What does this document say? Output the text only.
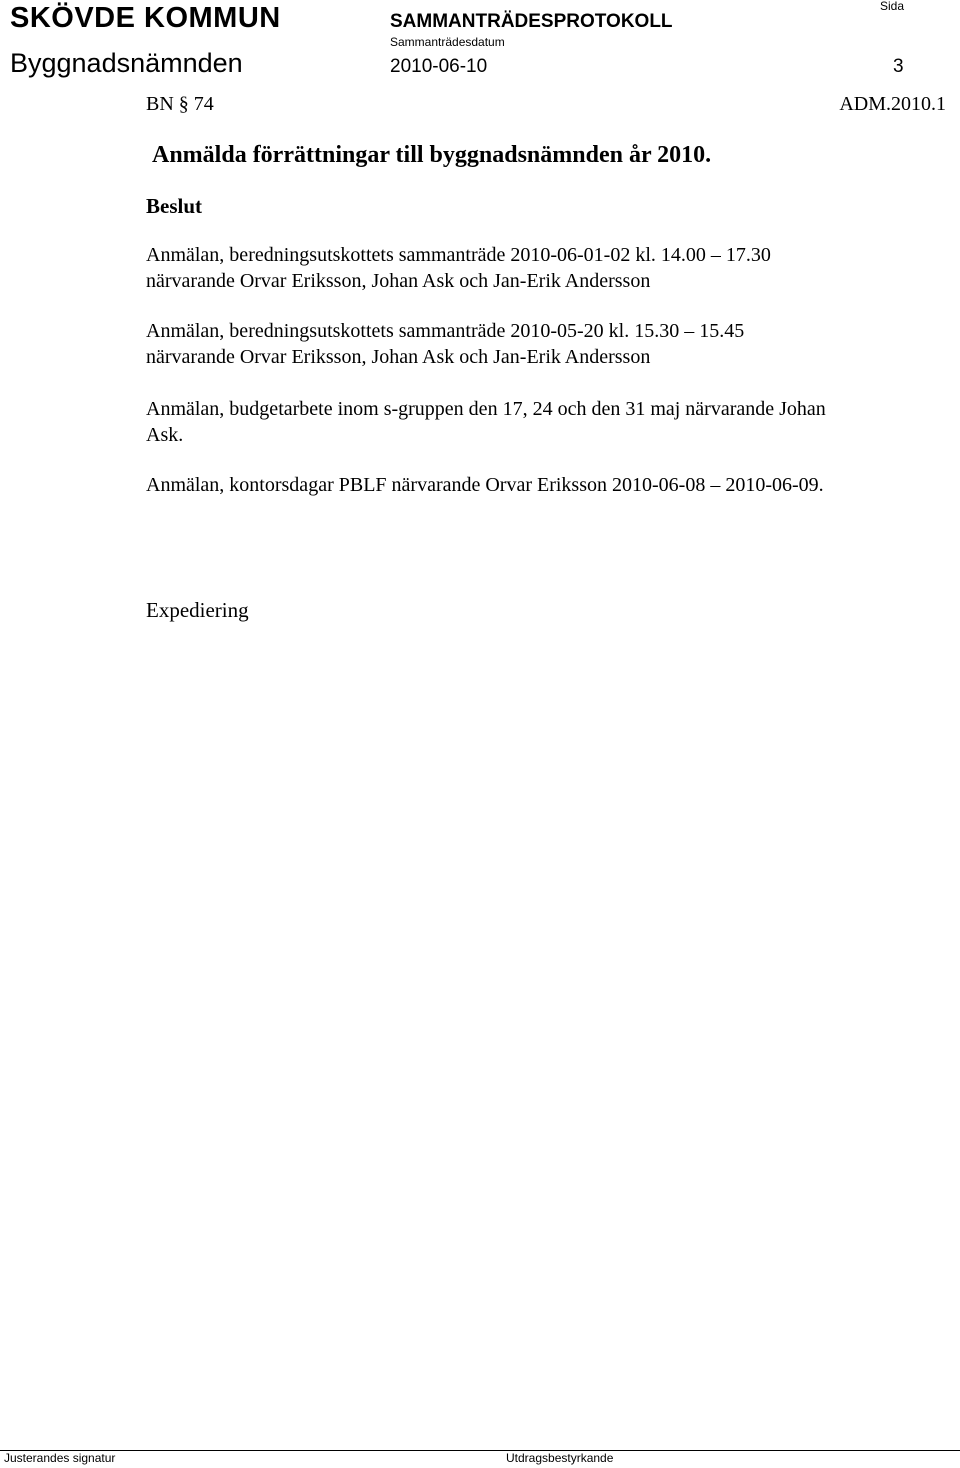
SKÖVDE KOMMUN	SAMMANTRÄDESPROTOKOLL
Sida
Sammanträdesdatum
Byggnadsnämnden	2010-06-10	3
BN § 74	ADM.2010.1
Anmälda förrättningar till byggnadsnämnden år 2010.
Beslut
Anmälan, beredningsutskottets sammanträde 2010-06-01-02 kl. 14.00 – 17.30
närvarande Orvar Eriksson, Johan Ask och Jan-Erik Andersson
Anmälan, beredningsutskottets sammanträde 2010-05-20 kl. 15.30 – 15.45
närvarande Orvar Eriksson, Johan Ask och Jan-Erik Andersson
Anmälan, budgetarbete inom s-gruppen den 17, 24 och den 31 maj närvarande Johan
Ask.
Anmälan, kontorsdagar PBLF närvarande Orvar Eriksson 2010-06-08 – 2010-06-09.
Expediering
Justerandes signatur	Utdragsbestyrkande
